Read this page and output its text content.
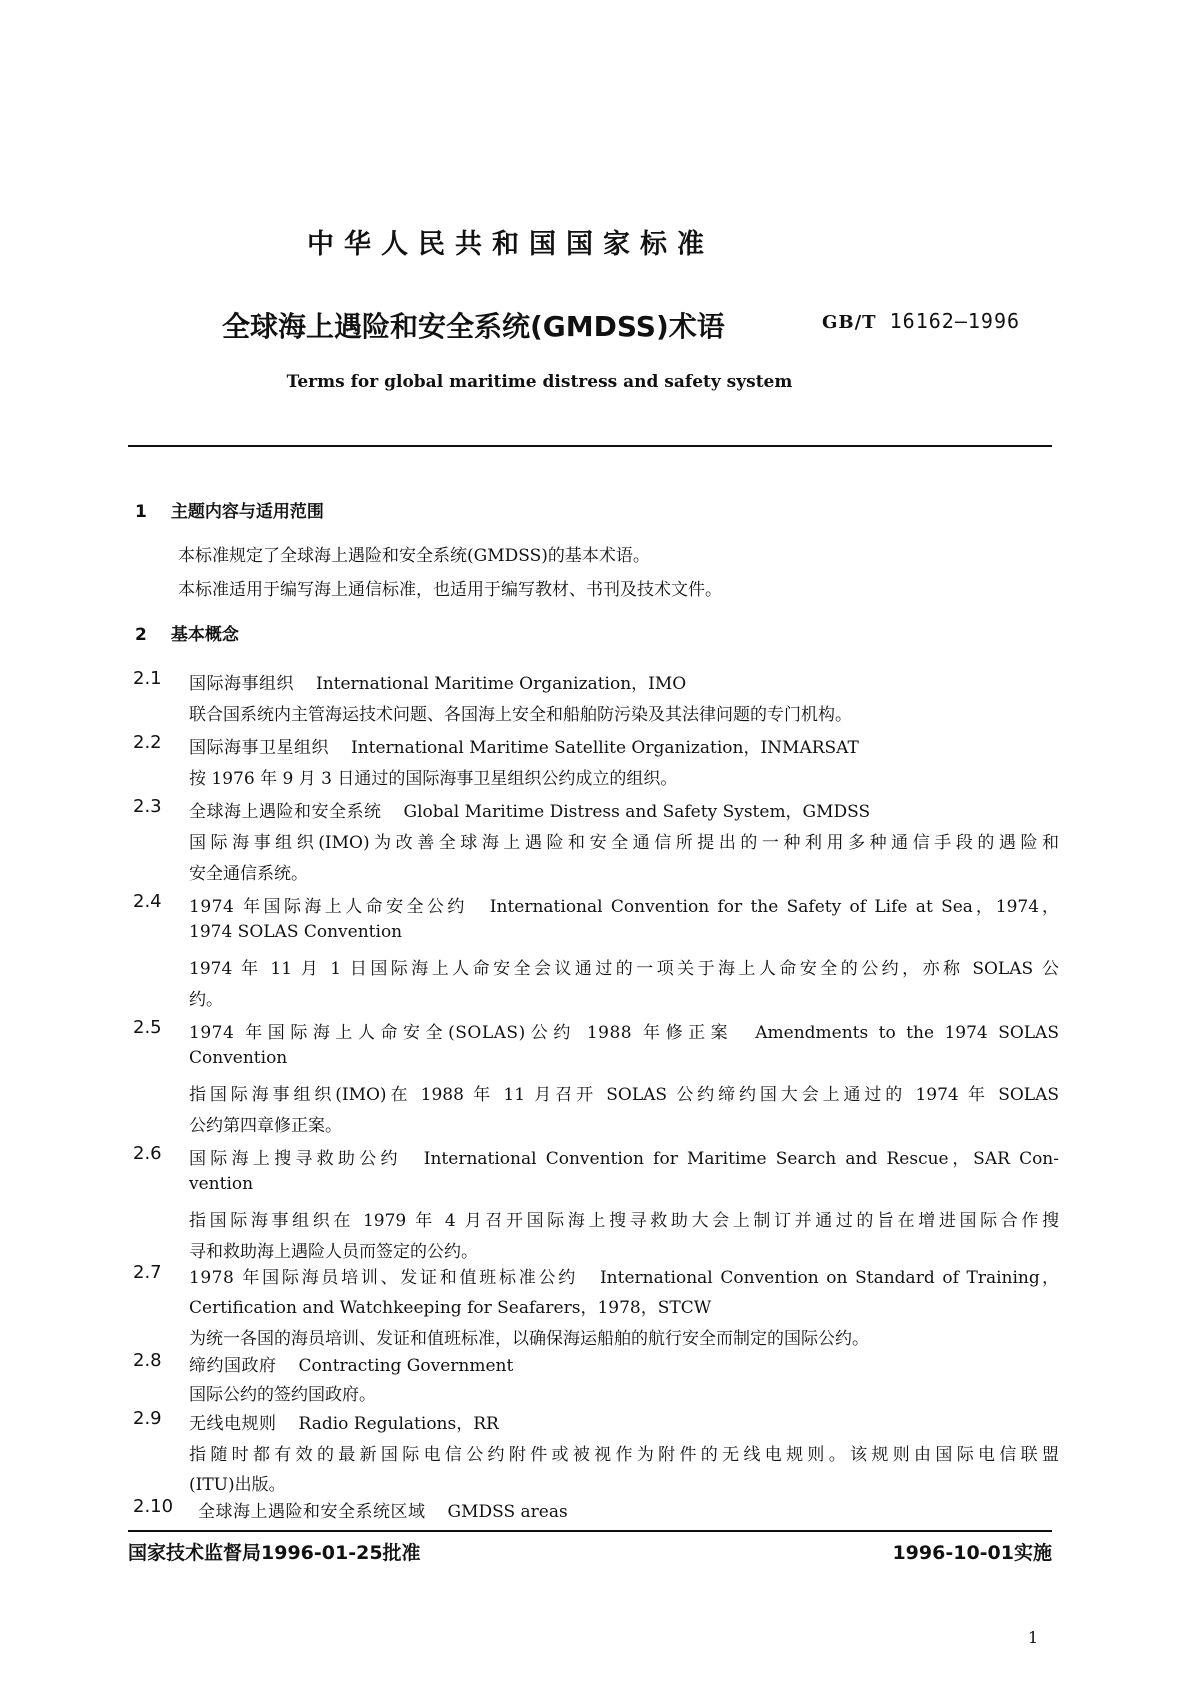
中华人民共和国国家标准
全球海上遇险和安全系统(GMDSS)术语	GB/T 16162—1996
Terms for global maritime distress and safety system
1 主题内容与适用范围
本标准规定了全球海上遇险和安全系统(GMDSS)的基本术语。
本标准适用于编写海上通信标准，也适用于编写教材、书刊及技术文件。
2 基本概念
2.1	国际海事组织 International Maritime Organization，IMO
联合国系统内主管海运技术问题、各国海上安全和船舶防污染及其法律问题的专门机构。
2.2	国际海事卫星组织 International Maritime Satellite Organization，INMARSAT
按 1976 年 9 月 3 日通过的国际海事卫星组织公约成立的组织。
2.3	全球海上遇险和安全系统 Global Maritime Distress and Safety System，GMDSS
国际海事组织(IMO)为改善全球海上遇险和安全通信所提出的一种利用多种通信手段的遇险和
安全通信系统。
2.4	1974 年国际海上人命安全公约 International Convention for the Safety of Life at Sea，1974，
1974 SOLAS Convention
1974 年 11 月 1 日国际海上人命安全会议通过的一项关于海上人命安全的公约，亦称 SOLAS 公
约。
2.5	1974 年国际海上人命安全(SOLAS)公约 1988 年修正案 Amendments to the 1974 SOLAS
Convention
指国际海事组织(IMO)在 1988 年 11 月召开 SOLAS 公约缔约国大会上通过的 1974 年 SOLAS
公约第四章修正案。
2.6	国际海上搜寻救助公约 International Convention for Maritime Search and Rescue，SAR Con-
vention
指国际海事组织在 1979 年 4 月召开国际海上搜寻救助大会上制订并通过的旨在增进国际合作搜
寻和救助海上遇险人员而签定的公约。
2.7	1978 年国际海员培训、发证和值班标准公约 International Convention on Standard of Training，
Certification and Watchkeeping for Seafarers，1978，STCW
为统一各国的海员培训、发证和值班标准，以确保海运船舶的航行安全而制定的国际公约。
2.8	缔约国政府 Contracting Government
国际公约的签约国政府。
2.9	无线电规则 Radio Regulations，RR
指随时都有效的最新国际电信公约附件或被视作为附件的无线电规则。该规则由国际电信联盟
(ITU)出版。
2.10	全球海上遇险和安全系统区域 GMDSS areas
国家技术监督局1996-01-25批准	1996-10-01实施
1
